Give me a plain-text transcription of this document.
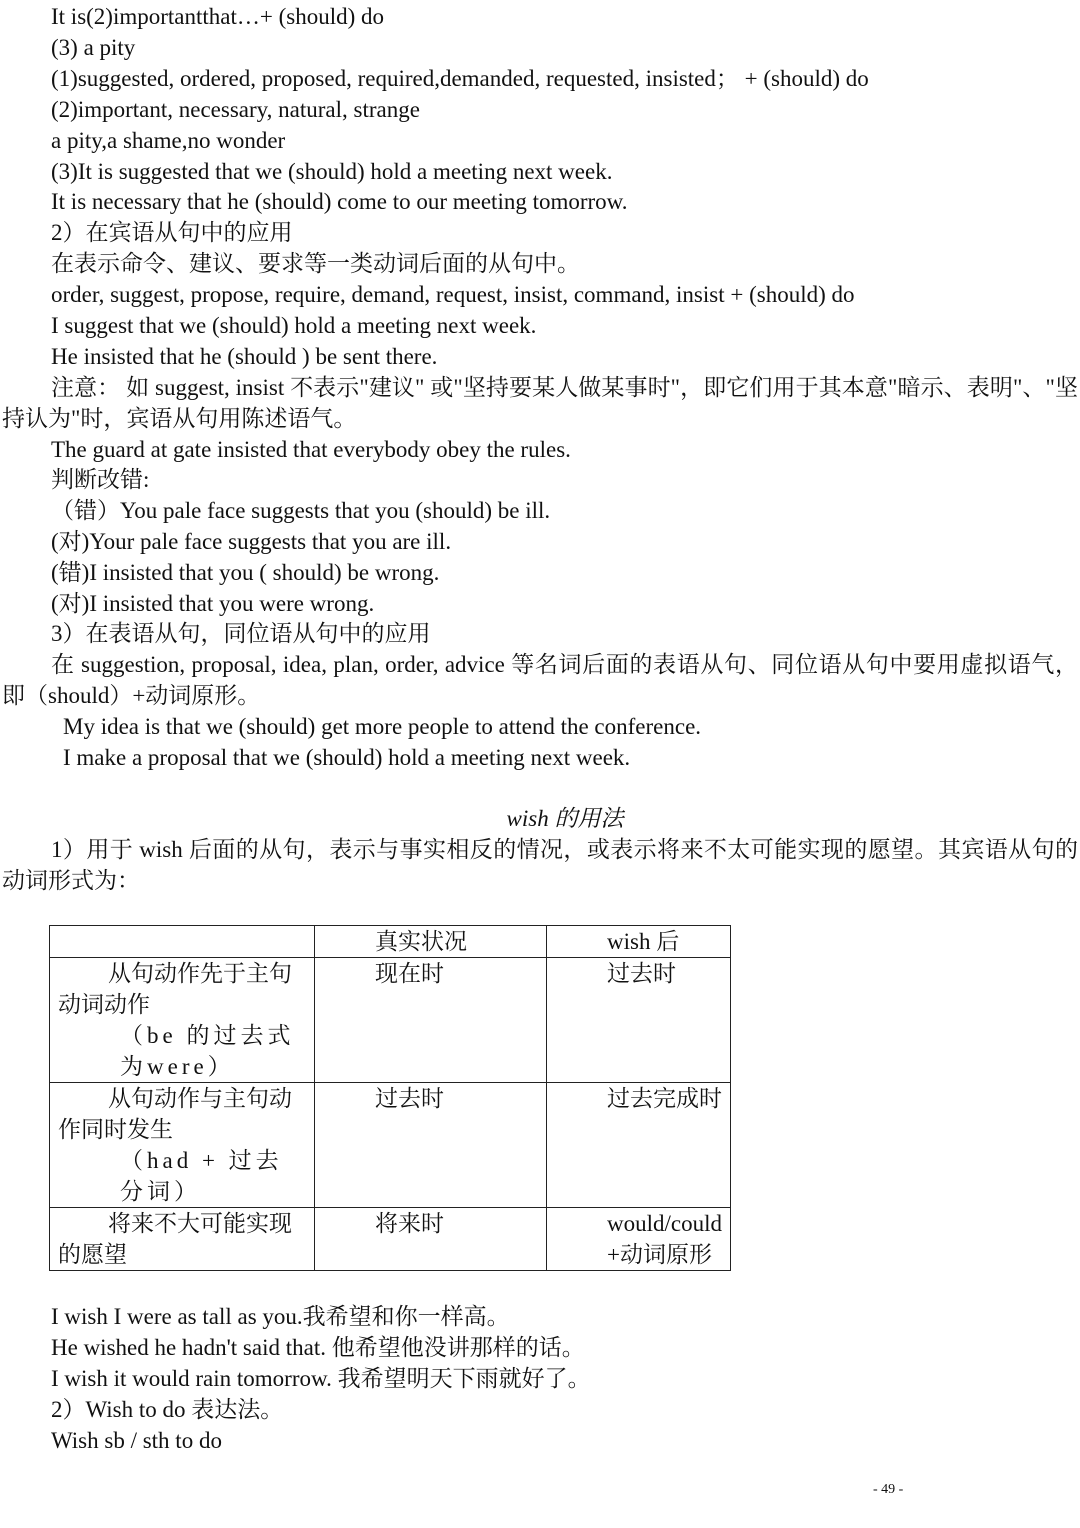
It is(2)importantthat…+ (should) do
(3) a pity
(1)suggested, ordered, proposed, required,demanded, requested, insisted； + (should) do
(2)important, necessary, natural, strange
a pity,a shame,no wonder
(3)It is suggested that we (should) hold a meeting next week.
It is necessary that he (should) come to our meeting tomorrow.
2）在宾语从句中的应用
在表示命令、建议、要求等一类动词后面的从句中。
order, suggest, propose, require, demand, request, insist, command, insist + (should) do
I suggest that we (should) hold a meeting next week.
He insisted that he (should ) be sent there.

注意： 如 suggest, insist 不表示"建议" 或"坚持要某人做某事时"，即它们用于其本意"暗示、表明"、"坚持认为"时，宾语从句用陈述语气。

The guard at gate insisted that everybody obey the rules.
判断改错:
（错）You pale face suggests that you (should) be ill.
(对)Your pale face suggests that you are ill.
(错)I insisted that you ( should) be wrong.
(对)I insisted that you were wrong.
3）在表语从句，同位语从句中的应用

在 suggestion, proposal, idea, plan, order, advice 等名词后面的表语从句、同位语从句中要用虚拟语气，即（should）+动词原形。

My idea is that we (should) get more people to attend the conference.
I make a proposal that we (should) hold a meeting next week.
wish 的用法

1）用于 wish 后面的从句，表示与事实相反的情况，或表示将来不太可能实现的愿望。其宾语从句的动词形式为：

	真实状况	wish 后

从句动作先于主句动词动作
（be 的过去式为were）	现在时	过去时

从句动作与主句动作同时发生
（had + 过去分词）	过去时	过去完成时

将来不大可能实现的愿望	将来时	would/could +动词原形
I wish I were as tall as you.我希望和你一样高。
He wished he hadn't said that. 他希望他没讲那样的话。
I wish it would rain tomorrow. 我希望明天下雨就好了。
2）Wish to do 表达法。
Wish sb / sth to do
- 49 -
